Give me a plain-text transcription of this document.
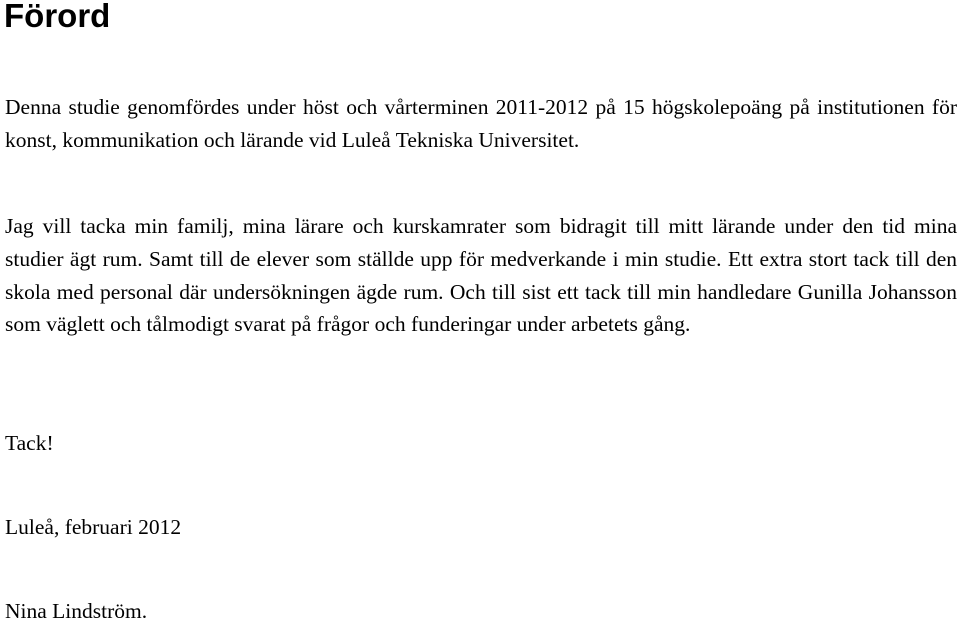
Förord

Denna studie genomfördes under höst och vårterminen 2011-2012 på 15 högskolepoäng på institutionen för konst, kommunikation och lärande vid Luleå Tekniska Universitet.

Jag vill tacka min familj, mina lärare och kurskamrater som bidragit till mitt lärande under den tid mina studier ägt rum. Samt till de elever som ställde upp för medverkande i min studie. Ett extra stort tack till den skola med personal där undersökningen ägde rum. Och till sist ett tack till min handledare Gunilla Johansson som väglett och tålmodigt svarat på frågor och funderingar under arbetets gång.

Tack!

Luleå, februari 2012

Nina Lindström.
